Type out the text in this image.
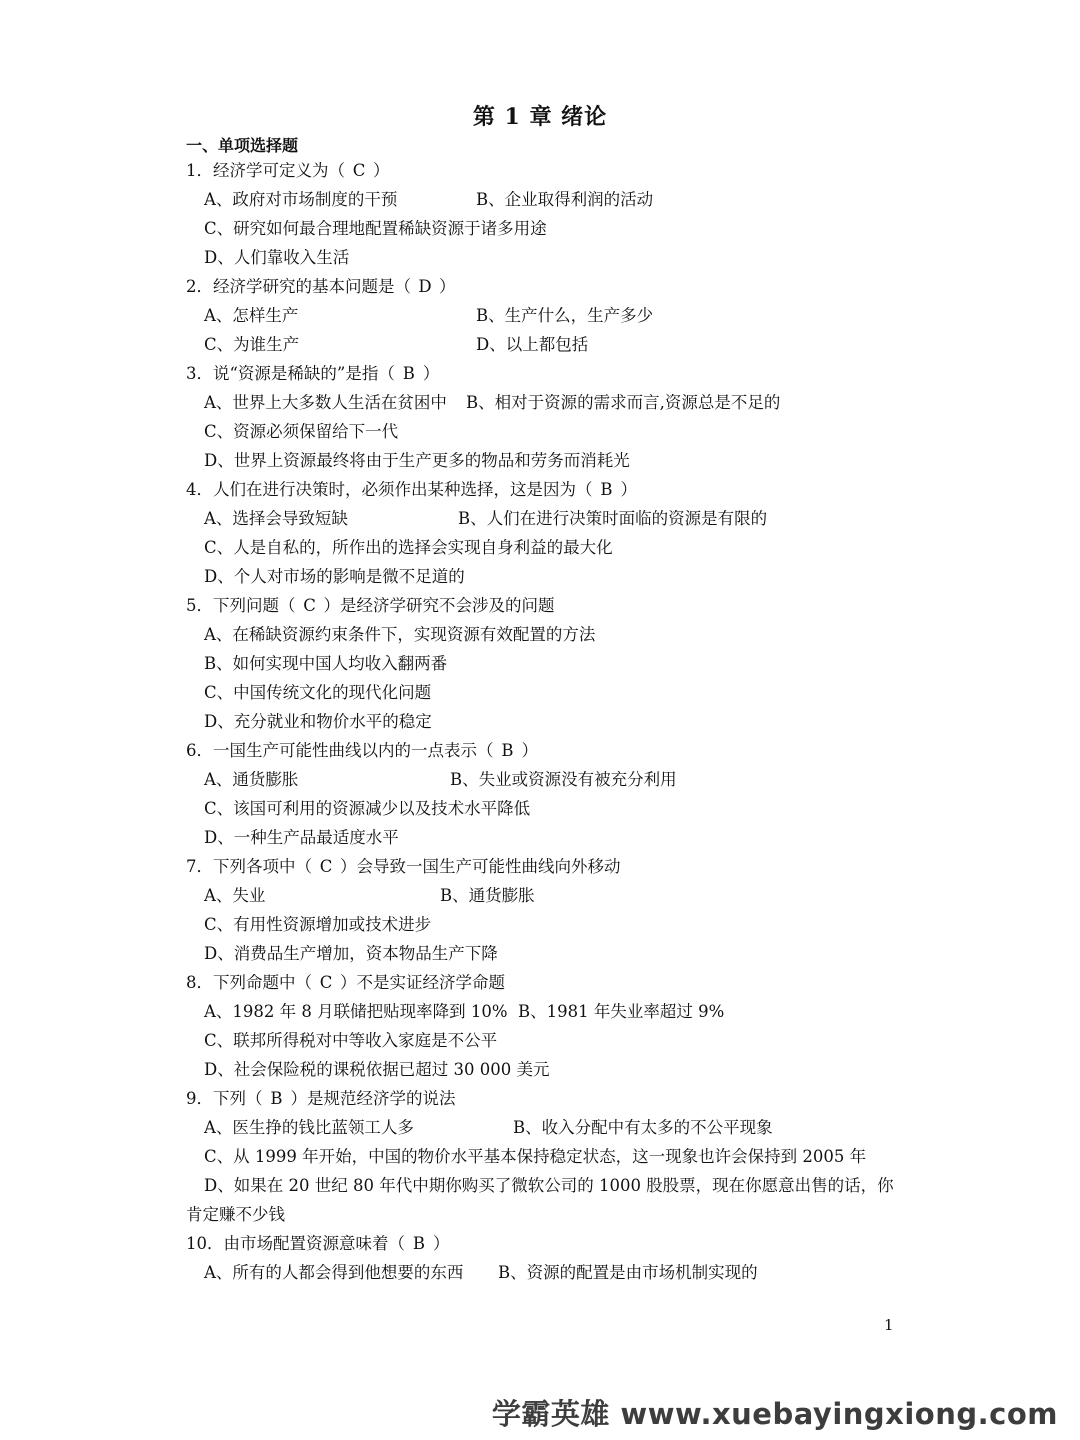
第 1 章 绪论
一、单项选择题
1．经济学可定义为（ C ）
A、政府对市场制度的干预	B、企业取得利润的活动
C、研究如何最合理地配置稀缺资源于诸多用途
D、人们靠收入生活
2．经济学研究的基本问题是（ D ）
A、怎样生产	B、生产什么，生产多少
C、为谁生产	D、以上都包括
3．说“资源是稀缺的”是指（ B ）
A、世界上大多数人生活在贫困中 B、相对于资源的需求而言,资源总是不足的
C、资源必须保留给下一代
D、世界上资源最终将由于生产更多的物品和劳务而消耗光
4．人们在进行决策时，必须作出某种选择，这是因为（ B ）
A、选择会导致短缺	B、人们在进行决策时面临的资源是有限的
C、人是自私的，所作出的选择会实现自身利益的最大化
D、个人对市场的影响是微不足道的
5．下列问题（ C ）是经济学研究不会涉及的问题
A、在稀缺资源约束条件下，实现资源有效配置的方法
B、如何实现中国人均收入翻两番
C、中国传统文化的现代化问题
D、充分就业和物价水平的稳定
6．一国生产可能性曲线以内的一点表示（ B ）
A、通货膨胀	B、失业或资源没有被充分利用
C、该国可利用的资源减少以及技术水平降低
D、一种生产品最适度水平
7．下列各项中（ C ）会导致一国生产可能性曲线向外移动
A、失业	B、通货膨胀
C、有用性资源增加或技术进步
D、消费品生产增加，资本物品生产下降
8．下列命题中（ C ）不是实证经济学命题
A、1982 年 8 月联储把贴现率降到 10% B、1981 年失业率超过 9%
C、联邦所得税对中等收入家庭是不公平
D、社会保险税的课税依据已超过 30 000 美元
9．下列（ B ）是规范经济学的说法
A、医生挣的钱比蓝领工人多	B、收入分配中有太多的不公平现象
C、从 1999 年开始，中国的物价水平基本保持稳定状态，这一现象也许会保持到 2005 年
D、如果在 20 世纪 80 年代中期你购买了微软公司的 1000 股股票，现在你愿意出售的话，你肯定赚不少钱
10．由市场配置资源意味着（ B ）
A、所有的人都会得到他想要的东西 B、资源的配置是由市场机制实现的
1
学霸英雄 www.xuebayingxiong.com
